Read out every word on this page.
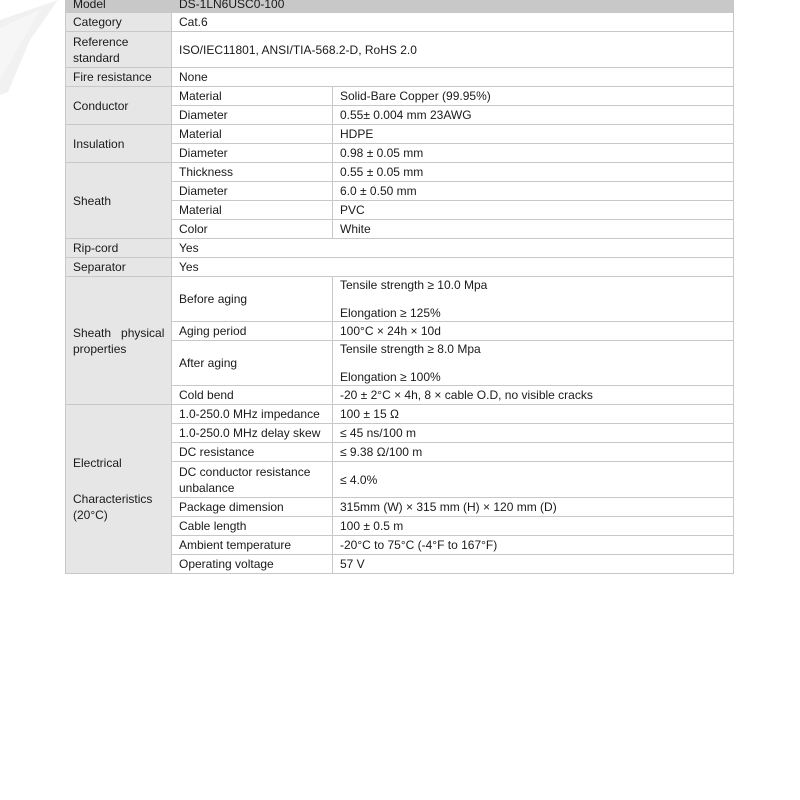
Model	DS-1LN6USC0-100	
Category	Cat.6	

Reference
standard	ISO/IEC11801, ANSI/TIA-568.2-D, RoHS 2.0	
Fire resistance	None	
Conductor	Material	Solid-Bare Copper (99.95%)
	Diameter	0.55± 0.004 mm 23AWG
Insulation	Material	HDPE
	Diameter	0.98 ± 0.05 mm
Sheath	Thickness	0.55 ± 0.05 mm
	Diameter	6.0 ± 0.50 mm
	Material	PVC
	Color	White
Rip-cord	Yes	
Separator	Yes	

Sheath   physical
properties	Before aging	Tensile strength ≥ 10.0 Mpa
Elongation ≥ 125%

	Aging period	100°C × 24h × 10d
	After aging	Tensile strength ≥ 8.0 Mpa
Elongation ≥ 100%

	Cold bend	-20 ± 2°C × 4h, 8 × cable O.D, no visible cracks

Electrical
Characteristics
(20°C)	1.0-250.0 MHz impedance	100 ± 15 Ω
	1.0-250.0 MHz delay skew	≤ 45 ns/100 m
	DC resistance	≤ 9.38 Ω/100 m

	DC conductor resistance
unbalance	≤ 4.0%
	Package dimension	315mm (W) × 315 mm (H) × 120 mm (D)
	Cable length	100 ± 0.5 m
	Ambient temperature	-20°C to 75°C (-4°F to 167°F)
	Operating voltage	57 V
